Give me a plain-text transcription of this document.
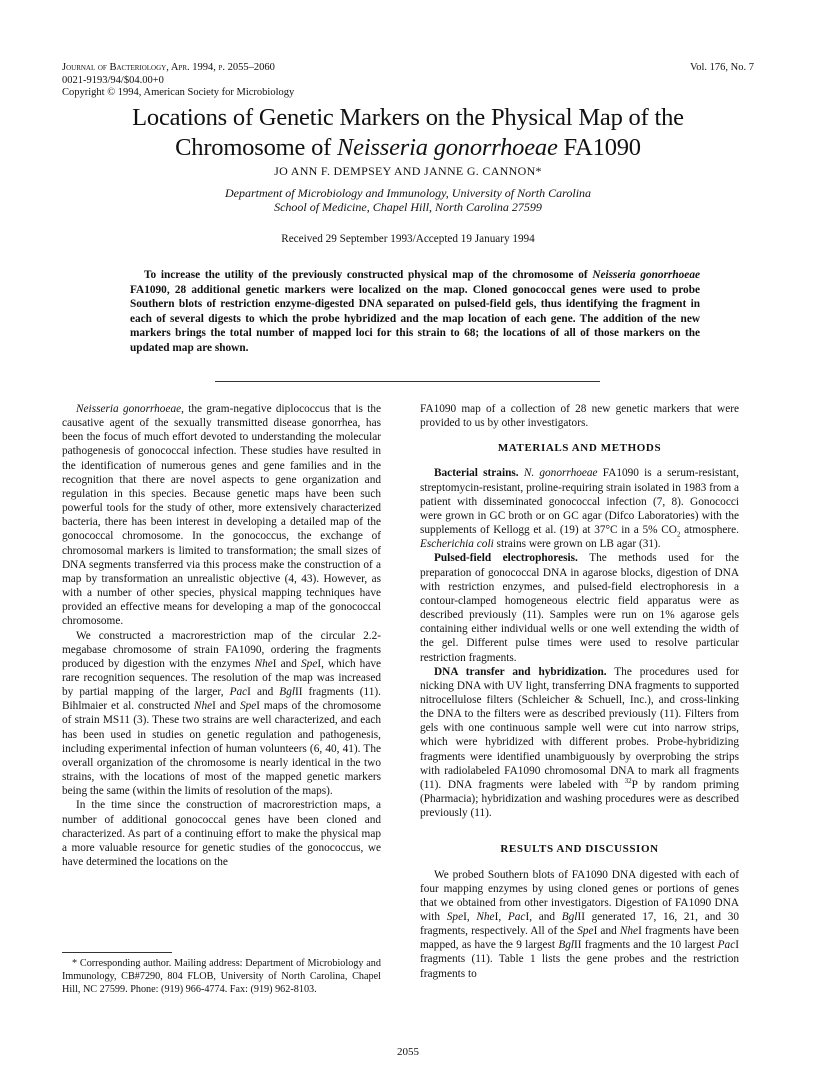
Journal of Bacteriology, Apr. 1994, p. 2055–2060
0021-9193/94/$04.00+0
Copyright © 1994, American Society for Microbiology
Vol. 176, No. 7
Locations of Genetic Markers on the Physical Map of the
Chromosome of Neisseria gonorrhoeae FA1090
JO ANN F. DEMPSEY AND JANNE G. CANNON*
Department of Microbiology and Immunology, University of North Carolina
School of Medicine, Chapel Hill, North Carolina 27599
Received 29 September 1993/Accepted 19 January 1994
To increase the utility of the previously constructed physical map of the chromosome of Neisseria gonorrhoeae FA1090, 28 additional genetic markers were localized on the map. Cloned gonococcal genes were used to probe Southern blots of restriction enzyme-digested DNA separated on pulsed-field gels, thus identifying the fragment in each of several digests to which the probe hybridized and the map location of each gene. The addition of the new markers brings the total number of mapped loci for this strain to 68; the locations of all of those markers on the updated map are shown.

Neisseria gonorrhoeae, the gram-negative diplococcus that is the causative agent of the sexually transmitted disease gonorrhea, has been the focus of much effort devoted to understanding the molecular pathogenesis of gonococcal infection. These studies have resulted in the identification of numerous genes and gene families and in the recognition that there are novel aspects to gene organization and regulation in this species. Because genetic maps have been such powerful tools for the study of other, more extensively characterized bacteria, there has been interest in developing a detailed map of the gonococcal chromosome. In the gonococcus, the exchange of chromosomal markers is limited to transformation; the small sizes of DNA segments transferred via this process make the construction of a map by transformation an unrealistic objective (4, 43). However, as with a number of other species, physical mapping techniques have provided an effective means for developing a map of the gonococcal chromosome.

We constructed a macrorestriction map of the circular 2.2-megabase chromosome of strain FA1090, ordering the fragments produced by digestion with the enzymes NheI and SpeI, which have rare recognition sequences. The resolution of the map was increased by partial mapping of the larger, PacI and BglII fragments (11). Bihlmaier et al. constructed NheI and SpeI maps of the chromosome of strain MS11 (3). These two strains are well characterized, and each has been used in studies on genetic regulation and pathogenesis, including experimental infection of human volunteers (6, 40, 41). The overall organization of the chromosome is nearly identical in the two strains, with the locations of most of the mapped genetic markers being the same (within the limits of resolution of the maps).

In the time since the construction of macrorestriction maps, a number of additional gonococcal genes have been cloned and characterized. As part of a continuing effort to make the physical map a more valuable resource for genetic studies of the gonococcus, we have determined the locations on the

* Corresponding author. Mailing address: Department of Microbiology and Immunology, CB#7290, 804 FLOB, University of North Carolina, Chapel Hill, NC 27599. Phone: (919) 966-4774. Fax: (919) 962-8103.

FA1090 map of a collection of 28 new genetic markers that were provided to us by other investigators.

MATERIALS AND METHODS

Bacterial strains. N. gonorrhoeae FA1090 is a serum-resistant, streptomycin-resistant, proline-requiring strain isolated in 1983 from a patient with disseminated gonococcal infection (7, 8). Gonococci were grown in GC broth or on GC agar (Difco Laboratories) with the supplements of Kellogg et al. (19) at 37°C in a 5% $CO_2$ atmosphere. Escherichia coli strains were grown on LB agar (31).

Pulsed-field electrophoresis. The methods used for the preparation of gonococcal DNA in agarose blocks, digestion of DNA with restriction enzymes, and pulsed-field electrophoresis in a contour-clamped homogeneous electric field apparatus were as described previously (11). Samples were run on 1% agarose gels containing either individual wells or one well extending the width of the gel. Different pulse times were used to resolve particular restriction fragments.

DNA transfer and hybridization. The procedures used for nicking DNA with UV light, transferring DNA fragments to supported nitrocellulose filters (Schleicher & Schuell, Inc.), and cross-linking the DNA to the filters were as described previously (11). Filters from gels with one continuous sample well were cut into narrow strips, which were hybridized with different probes. Probe-hybridizing fragments were identified unambiguously by overprobing the strips with radiolabeled FA1090 chromosomal DNA to mark all fragments (11). DNA fragments were labeled with $^{32}$P by random priming (Pharmacia); hybridization and washing procedures were as described previously (11).

RESULTS AND DISCUSSION

We probed Southern blots of FA1090 DNA digested with each of four mapping enzymes by using cloned genes or portions of genes that we obtained from other investigators. Digestion of FA1090 DNA with SpeI, NheI, PacI, and BglII generated 17, 16, 21, and 30 fragments, respectively. All of the SpeI and NheI fragments have been mapped, as have the 9 largest BglII fragments and the 10 largest PacI fragments (11). Table 1 lists the gene probes and the restriction fragments to

2055
